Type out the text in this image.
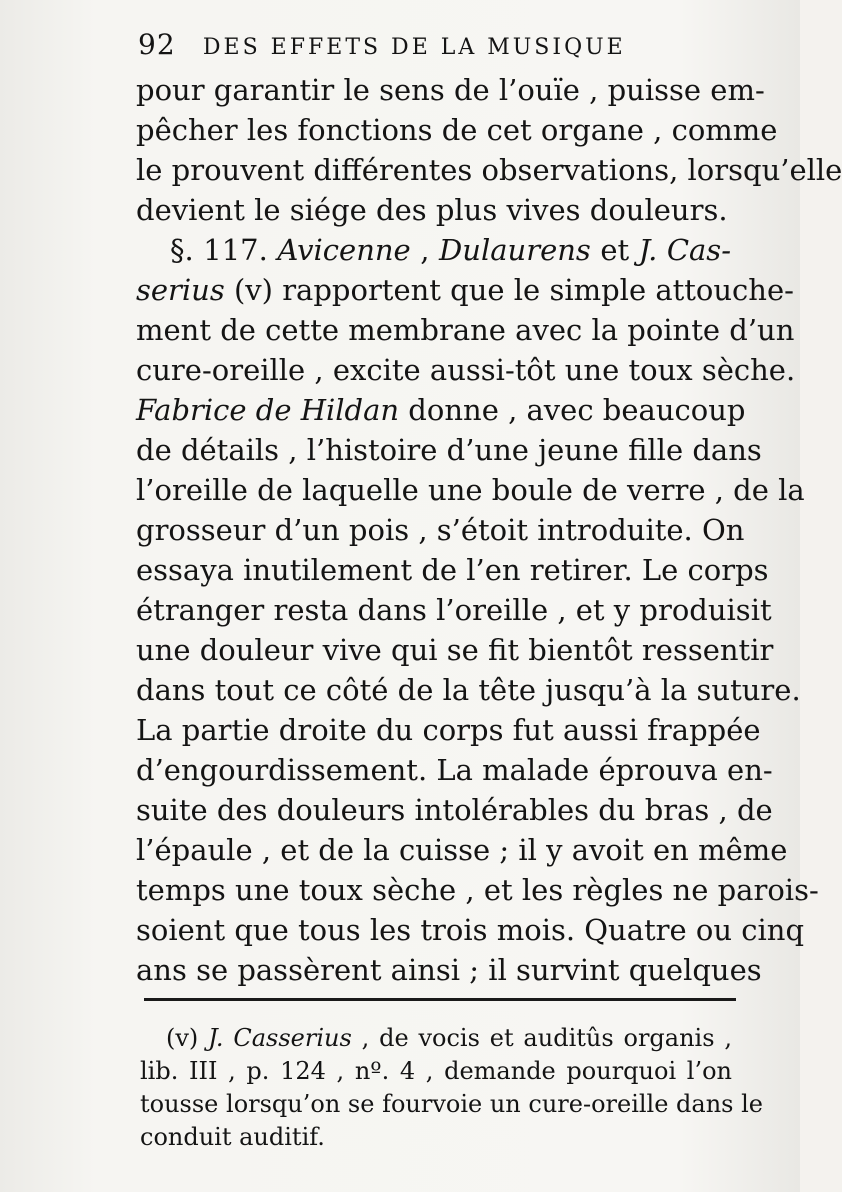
92 DES EFFETS DE LA MUSIQUE
pour garantir le sens de l’ouïe , puisse em-
pêcher les fonctions de cet organe , comme
le prouvent différentes observations, lorsqu’elle
devient le siége des plus vives douleurs.
§. 117. Avicenne , Dulaurens et J. Cas-
serius (v) rapportent que le simple attouche-
ment de cette membrane avec la pointe d’un
cure-oreille , excite aussi-tôt une toux sèche.
Fabrice de Hildan donne , avec beaucoup
de détails , l’histoire d’une jeune fille dans
l’oreille de laquelle une boule de verre , de la
grosseur d’un pois , s’étoit introduite. On
essaya inutilement de l’en retirer. Le corps
étranger resta dans l’oreille , et y produisit
une douleur vive qui se fit bientôt ressentir
dans tout ce côté de la tête jusqu’à la suture.
La partie droite du corps fut aussi frappée
d’engourdissement. La malade éprouva en-
suite des douleurs intolérables du bras , de
l’épaule , et de la cuisse ; il y avoit en même
temps une toux sèche , et les règles ne parois-
soient que tous les trois mois. Quatre ou cinq
ans se passèrent ainsi ; il survint quelques
(v) J. Casserius , de vocis et auditûs organis ,
lib. III , p. 124 , nº. 4 , demande pourquoi l’on
tousse lorsqu’on se fourvoie un cure-oreille dans le
conduit auditif.
